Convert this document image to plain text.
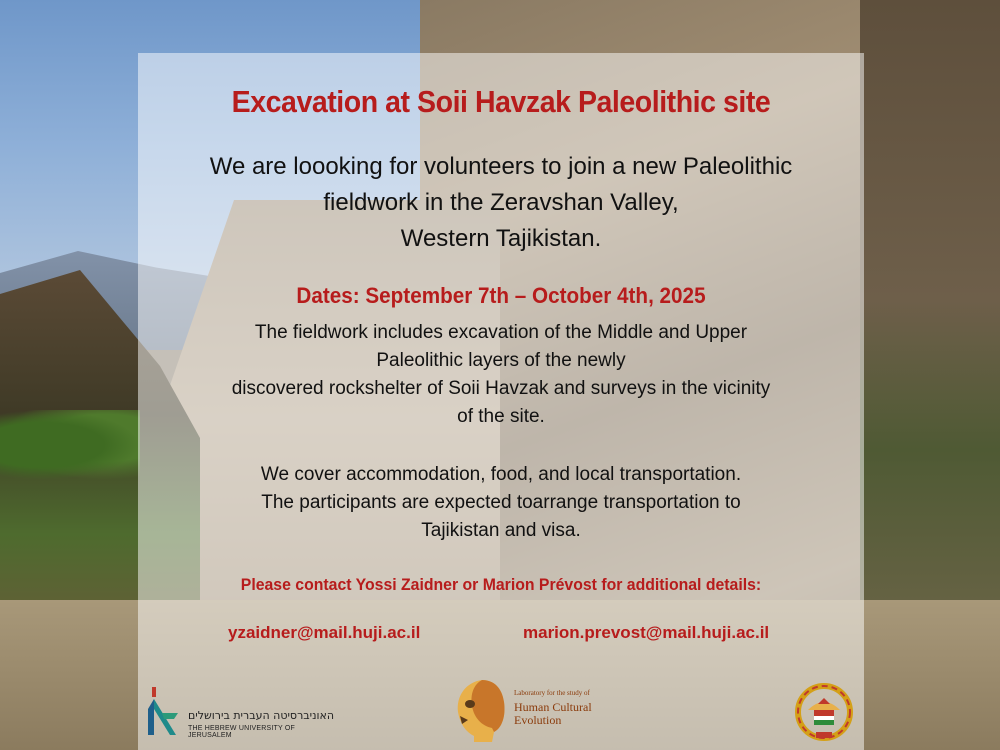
Excavation at Soii Havzak Paleolithic site
We are loooking for volunteers to join a new Paleolithic
fieldwork in the Zeravshan Valley,
Western Tajikistan.
Dates: September 7th – October 4th, 2025
The fieldwork includes excavation of the Middle and Upper
Paleolithic layers of the newly
discovered rockshelter of Soii Havzak and surveys in the vicinity
of the site.
We cover accommodation, food, and local transportation.
The participants are expected toarrange transportation to
Tajikistan and visa.
Please contact Yossi Zaidner or Marion Prévost for additional details:
yzaidner@mail.huji.ac.il	marion.prevost@mail.huji.ac.il
האוניברסיטה העברית בירושלים
THE HEBREW UNIVERSITY OF JERUSALEM
Laboratory for the study of
Human Cultural
Evolution
